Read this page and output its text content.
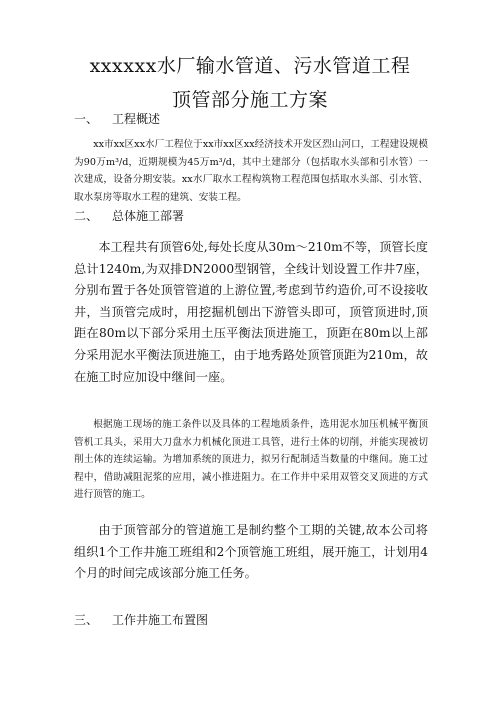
xxxxxx水厂输水管道、污水管道工程
顶管部分施工方案
一、 工程概述
xx市xx区xx水厂工程位于xx市xx区xx经济技术开发区烈山河口，工程建设规模为90万m³/d，近期规模为45万m³/d，其中土建部分（包括取水头部和引水管）一次建成，设备分期安装。xx水厂取水工程构筑物工程范围包括取水头部、引水管、取水泵房等取水工程的建筑、安装工程。
二、 总体施工部署
本工程共有顶管6处,每处长度从30m～210m不等，顶管长度总计1240m,为双排DN2000型钢管，全线计划设置工作井7座，分别布置于各处顶管管道的上游位置,考虑到节约造价,可不设接收井，当顶管完成时，用挖掘机刨出下游管头即可，顶管顶进时,顶距在80m以下部分采用土压平衡法顶进施工，顶距在80m以上部分采用泥水平衡法顶进施工，由于地秀路处顶管顶距为210m，故在施工时应加设中继间一座。
根据施工现场的施工条件以及具体的工程地质条件，选用泥水加压机械平衡顶管机工具头，采用大刀盘水力机械化顶进工具管，进行土体的切削，并能实现被切削土体的连续运输。为增加系统的顶进力，拟另行配制适当数量的中继间。施工过程中，借助减阻泥浆的应用，减小推进阻力。在工作井中采用双管交叉顶进的方式进行顶管的施工。
由于顶管部分的管道施工是制约整个工期的关键,故本公司将组织1个工作井施工班组和2个顶管施工班组，展开施工，计划用4个月的时间完成该部分施工任务。
三、 工作井施工布置图
